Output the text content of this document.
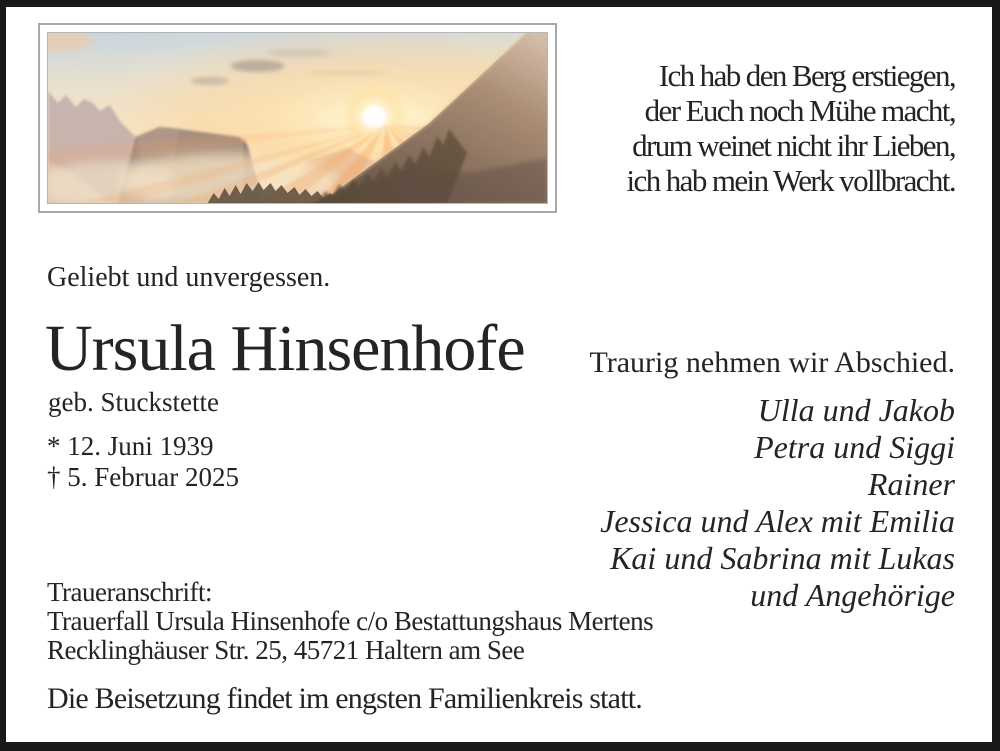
Ich hab den Berg erstiegen,
der Euch noch Mühe macht,
drum weinet nicht ihr Lieben,
ich hab mein Werk vollbracht.
Geliebt und unvergessen.
Ursula Hinsenhofe
geb. Stuckstette
* 12. Juni 1939
† 5. Februar 2025
Traurig nehmen wir Abschied.
Ulla und Jakob
Petra und Siggi
Rainer
Jessica und Alex mit Emilia
Kai und Sabrina mit Lukas
und Angehörige
Traueranschrift:
Trauerfall Ursula Hinsenhofe c/o Bestattungshaus Mertens
Recklinghäuser Str. 25, 45721 Haltern am See
Die Beisetzung findet im engsten Familienkreis statt.
